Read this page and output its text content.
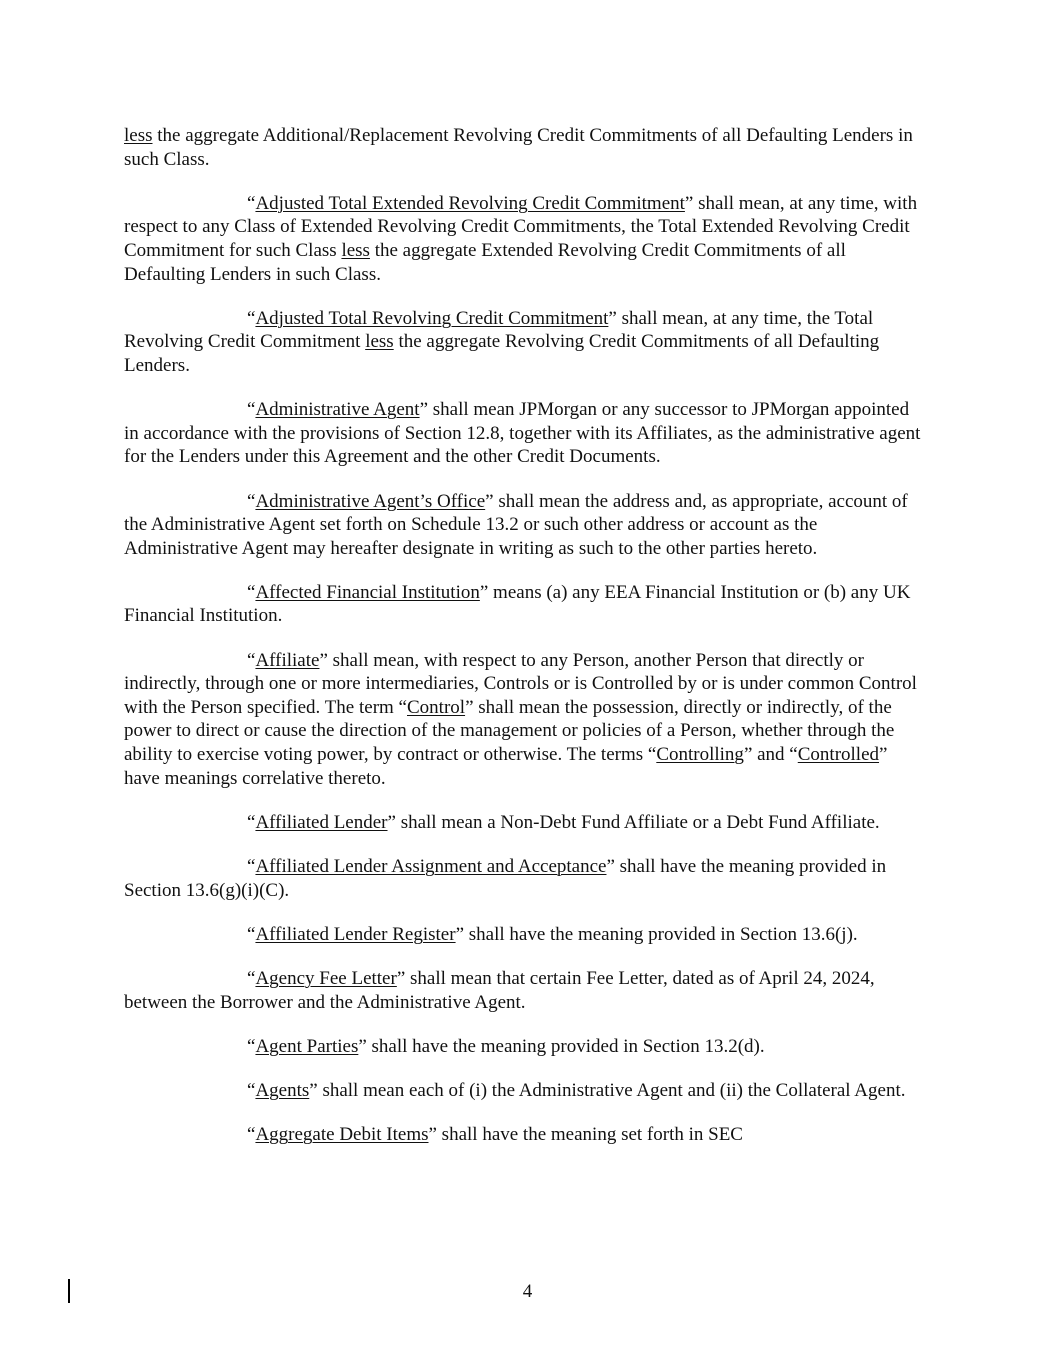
less the aggregate Additional/Replacement Revolving Credit Commitments of all Defaulting Lenders in such Class.

“Adjusted Total Extended Revolving Credit Commitment” shall mean, at any time, with respect to any Class of Extended Revolving Credit Commitments, the Total Extended Revolving Credit Commitment for such Class less the aggregate Extended Revolving Credit Commitments of all Defaulting Lenders in such Class.

“Adjusted Total Revolving Credit Commitment” shall mean, at any time, the Total Revolving Credit Commitment less the aggregate Revolving Credit Commitments of all Defaulting Lenders.

“Administrative Agent” shall mean JPMorgan or any successor to JPMorgan appointed in accordance with the provisions of Section 12.8, together with its Affiliates, as the administrative agent for the Lenders under this Agreement and the other Credit Documents.

“Administrative Agent’s Office” shall mean the address and, as appropriate, account of the Administrative Agent set forth on Schedule 13.2 or such other address or account as the Administrative Agent may hereafter designate in writing as such to the other parties hereto.

“Affected Financial Institution” means (a) any EEA Financial Institution or (b) any UK Financial Institution.

“Affiliate” shall mean, with respect to any Person, another Person that directly or indirectly, through one or more intermediaries, Controls or is Controlled by or is under common Control with the Person specified. The term “Control” shall mean the possession, directly or indirectly, of the power to direct or cause the direction of the management or policies of a Person, whether through the ability to exercise voting power, by contract or otherwise. The terms “Controlling” and “Controlled” have meanings correlative thereto.

“Affiliated Lender” shall mean a Non-Debt Fund Affiliate or a Debt Fund Affiliate.

“Affiliated Lender Assignment and Acceptance” shall have the meaning provided in Section 13.6(g)(i)(C).

“Affiliated Lender Register” shall have the meaning provided in Section 13.6(j).

“Agency Fee Letter” shall mean that certain Fee Letter, dated as of April 24, 2024, between the Borrower and the Administrative Agent.

“Agent Parties” shall have the meaning provided in Section 13.2(d).

“Agents” shall mean each of (i) the Administrative Agent and (ii) the Collateral Agent.

“Aggregate Debit Items” shall have the meaning set forth in SEC

4
